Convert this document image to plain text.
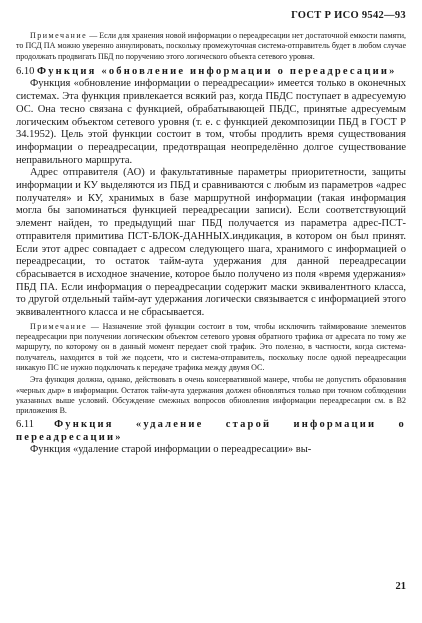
ГОСТ Р ИСО 9542—93

Примечание — Если для хранения новой информации о переадресации нет достаточной емкости памяти, то ПСД ПА можно уверенно аннулировать, поскольку промежуточная система-отправитель будет в любом случае продолжать продвигать ПБД по поручению этого логического объекта сетевого уровня.

6.10 Функция «обновление информации о переадресации»

Функция «обновление информации о переадресации» имеется только в оконечных системах. Эта функция привлекается всякий раз, когда ПБДС поступает в адресуемую ОС. Она тесно связана с функцией, обрабатывающей ПБДС, принятые адресуемым логическим объектом сетевого уровня (т. е. с функцией декомпозиции ПБД в ГОСТ Р 34.1952). Цель этой функции состоит в том, чтобы продлить время существования информации о переадресации, предотвращая неопределённо долгое существование неправильного маршрута.

Адрес отправителя (АО) и факультативные параметры приоритетности, защиты информации и КУ выделяются из ПБД и сравниваются с любым из параметров «адрес получателя» и КУ, хранимых в базе маршрутной информации (такая информация могла бы запоминаться функцией переадресации записи). Если соответствующий элемент найден, то предыдущий шаг ПБД получается из параметра адрес-ПСТ-отправителя примитива ПСТ-БЛОК-ДАННЫХ.индикация, в котором он был принят. Если этот адрес совпадает с адресом следующего шага, хранимого с информацией о переадресации, то остаток тайм-аута удержания для данной переадресации сбрасывается в исходное значение, которое было получено из поля «время удержания» ПБД ПА. Если информация о переадресации содержит маски эквивалентного класса, то другой отдельный тайм-аут удержания логически связывается с информацией этого эквивалентного класса и не сбрасывается.

Примечание — Назначение этой функции состоит в том, чтобы исключить таймирование элементов переадресации при получении логическим объектом сетевого уровня обратного трафика от адресата по тому же маршруту, по которому он в данный момент передает свой трафик. Это полезно, в частности, когда система-получатель, находится в той же подсети, что и система-отправитель, поскольку после одной переадресации никакую ПС не нужно подключать к передаче трафика между двумя ОС.

Эта функция должна, однако, действовать в очень консервативной манере, чтобы не допустить образования «черных дыр» в информации. Остаток тайм-аута удержания должен обновляться только при точном соблюдении указанных выше условий. Обсуждение смежных вопросов обновления информации переадресации см. в В2 приложения В.

6.11 Функция «удаление старой информации о переадресации»

Функция «удаление старой информации о переадресации» вы-

21
